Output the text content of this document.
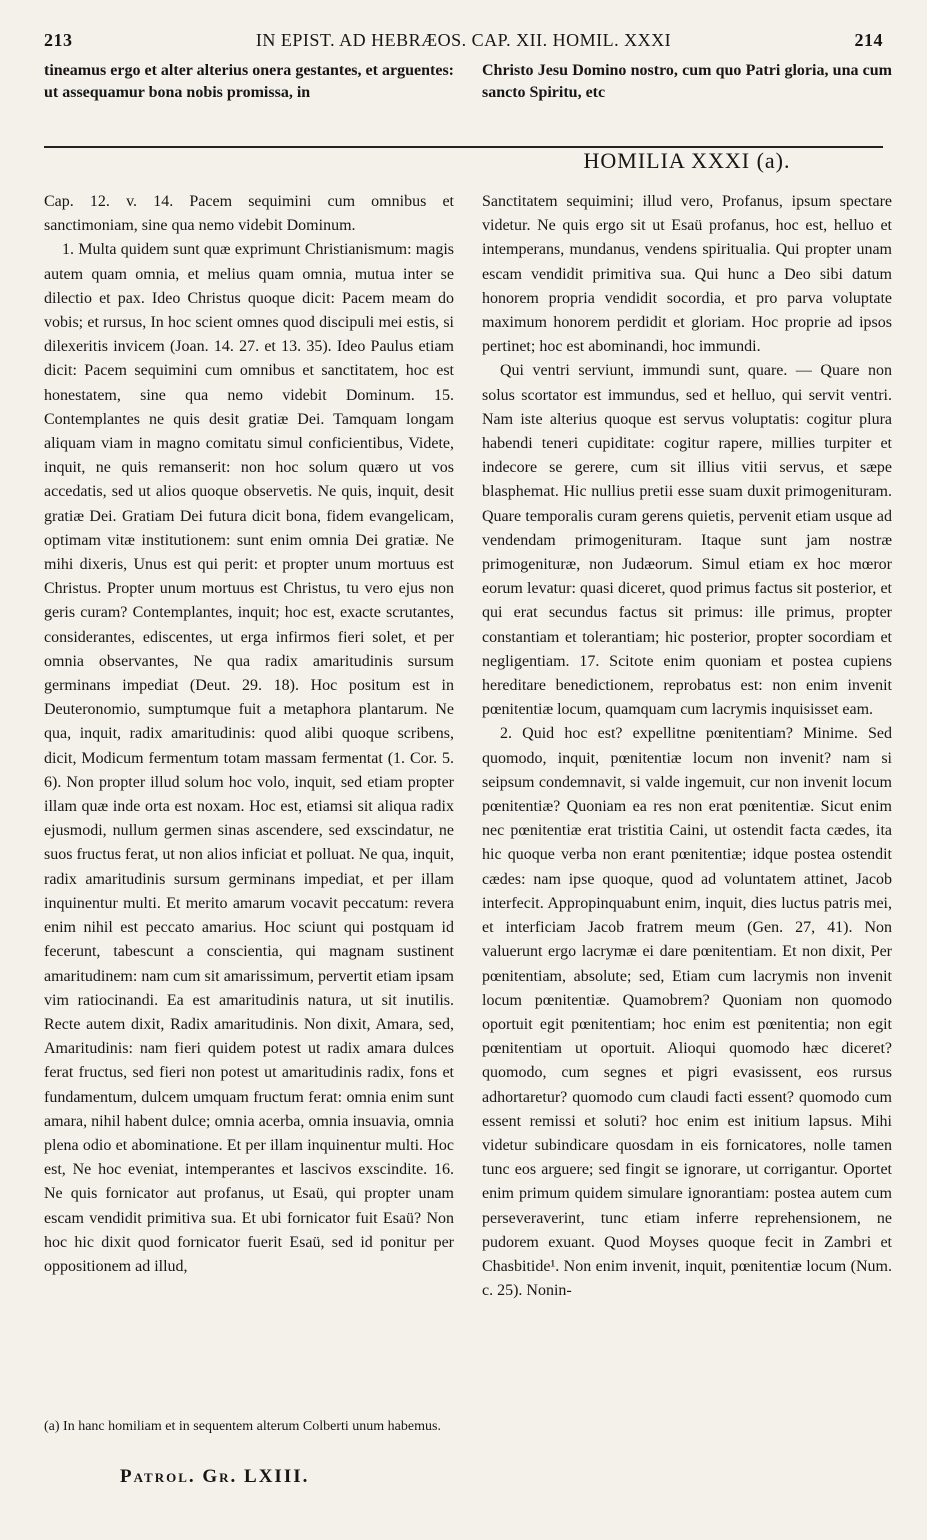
213	IN EPIST. AD HEBRÆOS. CAP. XII. HOMIL. XXXI	214

tineamus ergo et alter alterius onera gestantes, et arguentes: ut assequamur bona nobis promissa, in

Christo Jesu Domino nostro, cum quo Patri gloria, una cum sancto Spiritu, etc

HOMILIA XXXI (a).

Cap. 12. v. 14. Pacem sequimini cum omnibus et sanctimoniam, sine qua nemo videbit Dominum.

1. Multa quidem sunt quæ exprimunt Christianismum: magis autem quam omnia, et melius quam omnia, mutua inter se dilectio et pax. Ideo Christus quoque dicit: Pacem meam do vobis; et rursus, In hoc scient omnes quod discipuli mei estis, si dilexeritis invicem (Joan. 14. 27. et 13. 35). Ideo Paulus etiam dicit: Pacem sequimini cum omnibus et sanctitatem, hoc est honestatem, sine qua nemo videbit Dominum. 15. Contemplantes ne quis desit gratiæ Dei. Tamquam longam aliquam viam in magno comitatu simul conficientibus, Videte, inquit, ne quis remanserit: non hoc solum quæro ut vos accedatis, sed ut alios quoque observetis. Ne quis, inquit, desit gratiæ Dei. Gratiam Dei futura dicit bona, fidem evangelicam, optimam vitæ institutionem: sunt enim omnia Dei gratiæ. Ne mihi dixeris, Unus est qui perit: et propter unum mortuus est Christus. Propter unum mortuus est Christus, tu vero ejus non geris curam? Contemplantes, inquit; hoc est, exacte scrutantes, considerantes, ediscentes, ut erga infirmos fieri solet, et per omnia observantes, Ne qua radix amaritudinis sursum germinans impediat (Deut. 29. 18). Hoc positum est in Deuteronomio, sumptumque fuit a metaphora plantarum. Ne qua, inquit, radix amaritudinis: quod alibi quoque scribens, dicit, Modicum fermentum totam massam fermentat (1. Cor. 5. 6). Non propter illud solum hoc volo, inquit, sed etiam propter illam quæ inde orta est noxam. Hoc est, etiamsi sit aliqua radix ejusmodi, nullum germen sinas ascendere, sed exscindatur, ne suos fructus ferat, ut non alios inficiat et polluat. Ne qua, inquit, radix amaritudinis sursum germinans impediat, et per illam inquinentur multi. Et merito amarum vocavit peccatum: revera enim nihil est peccato amarius. Hoc sciunt qui postquam id fecerunt, tabescunt a conscientia, qui magnam sustinent amaritudinem: nam cum sit amarissimum, pervertit etiam ipsam vim ratiocinandi. Ea est amaritudinis natura, ut sit inutilis. Recte autem dixit, Radix amaritudinis. Non dixit, Amara, sed, Amaritudinis: nam fieri quidem potest ut radix amara dulces ferat fructus, sed fieri non potest ut amaritudinis radix, fons et fundamentum, dulcem umquam fructum ferat: omnia enim sunt amara, nihil habent dulce; omnia acerba, omnia insuavia, omnia plena odio et abominatione. Et per illam inquinentur multi. Hoc est, Ne hoc eveniat, intemperantes et lascivos exscindite. 16. Ne quis fornicator aut profanus, ut Esaü, qui propter unam escam vendidit primitiva sua. Et ubi fornicator fuit Esaü? Non hoc hic dixit quod fornicator fuerit Esaü, sed id ponitur per oppositionem ad illud,

Sanctitatem sequimini; illud vero, Profanus, ipsum spectare videtur. Ne quis ergo sit ut Esaü profanus, hoc est, helluo et intemperans, mundanus, vendens spiritualia. Qui propter unam escam vendidit primitiva sua. Qui hunc a Deo sibi datum honorem propria vendidit socordia, et pro parva voluptate maximum honorem perdidit et gloriam. Hoc proprie ad ipsos pertinet; hoc est abominandi, hoc immundi.

Qui ventri serviunt, immundi sunt, quare. — Quare non solus scortator est immundus, sed et helluo, qui servit ventri. Nam iste alterius quoque est servus voluptatis: cogitur plura habendi teneri cupiditate: cogitur rapere, millies turpiter et indecore se gerere, cum sit illius vitii servus, et sæpe blasphemat. Hic nullius pretii esse suam duxit primogenituram. Quare temporalis curam gerens quietis, pervenit etiam usque ad vendendam primogenituram. Itaque sunt jam nostræ primogenituræ, non Judæorum. Simul etiam ex hoc mœror eorum levatur: quasi diceret, quod primus factus sit posterior, et qui erat secundus factus sit primus: ille primus, propter constantiam et tolerantiam; hic posterior, propter socordiam et negligentiam. 17. Scitote enim quoniam et postea cupiens hereditare benedictionem, reprobatus est: non enim invenit pœnitentiæ locum, quamquam cum lacrymis inquisisset eam.

2. Quid hoc est? expellitne pœnitentiam? Minime. Sed quomodo, inquit, pœnitentiæ locum non invenit? nam si seipsum condemnavit, si valde ingemuit, cur non invenit locum pœnitentiæ? Quoniam ea res non erat pœnitentiæ. Sicut enim nec pœnitentiæ erat tristitia Caini, ut ostendit facta cædes, ita hic quoque verba non erant pœnitentiæ; idque postea ostendit cædes: nam ipse quoque, quod ad voluntatem attinet, Jacob interfecit. Appropinquabunt enim, inquit, dies luctus patris mei, et interficiam Jacob fratrem meum (Gen. 27, 41). Non valuerunt ergo lacrymæ ei dare pœnitentiam. Et non dixit, Per pœnitentiam, absolute; sed, Etiam cum lacrymis non invenit locum pœnitentiæ. Quamobrem? Quoniam non quomodo oportuit egit pœnitentiam; hoc enim est pœnitentia; non egit pœnitentiam ut oportuit. Alioqui quomodo hæc diceret? quomodo, cum segnes et pigri evasissent, eos rursus adhortaretur? quomodo cum claudi facti essent? quomodo cum essent remissi et soluti? hoc enim est initium lapsus. Mihi videtur subindicare quosdam in eis fornicatores, nolle tamen tunc eos arguere; sed fingit se ignorare, ut corrigantur. Oportet enim primum quidem simulare ignorantiam: postea autem cum perseveraverint, tunc etiam inferre reprehensionem, ne pudorem exuant. Quod Moyses quoque fecit in Zambri et Chasbitide¹. Non enim invenit, inquit, pœnitentiæ locum (Num. c. 25). Nonin-

(a) In hanc homiliam et in sequentem alterum Colberti unum habemus.
Patrol. Gr. LXIII.
